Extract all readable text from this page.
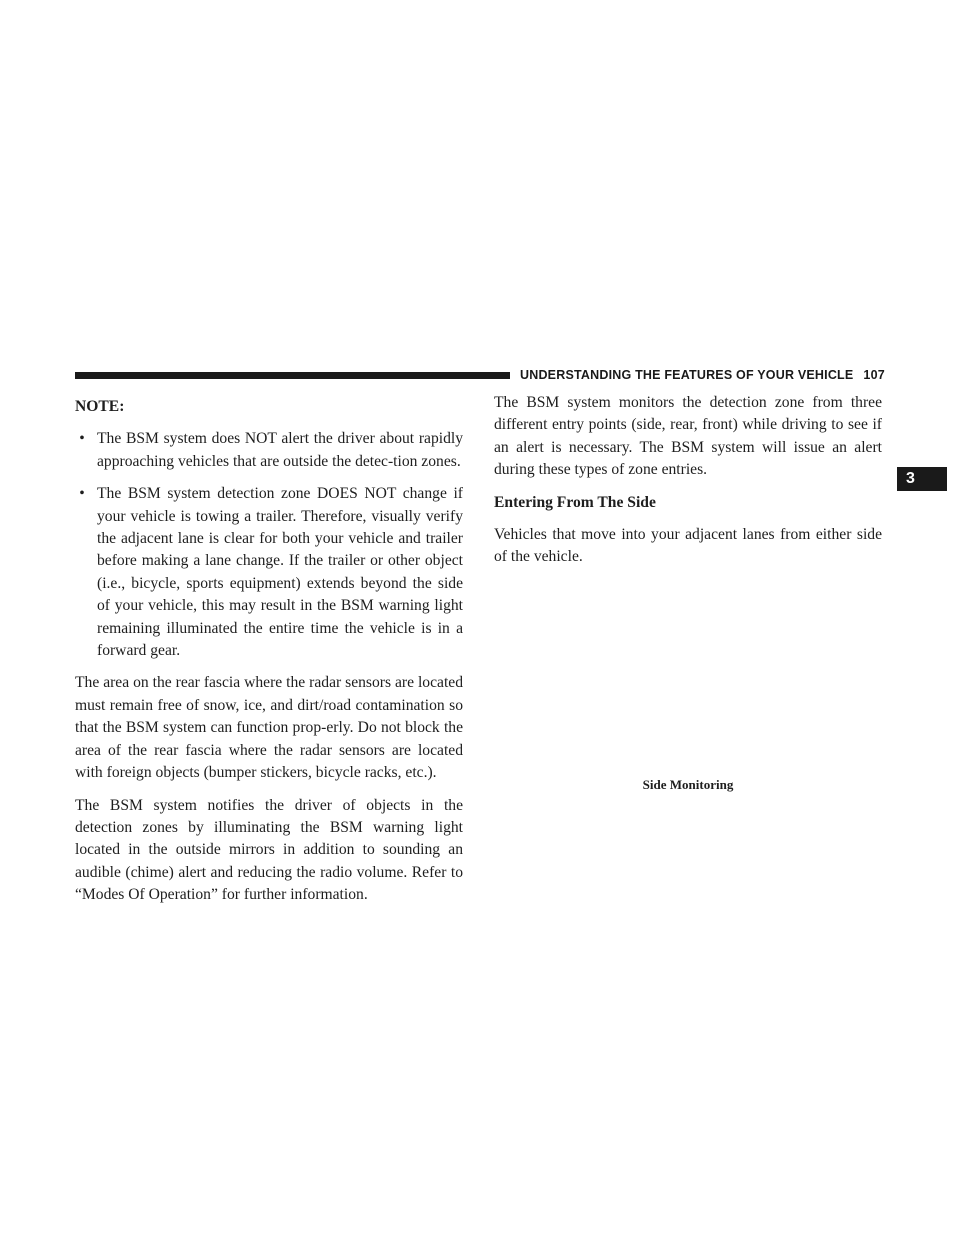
UNDERSTANDING THE FEATURES OF YOUR VEHICLE 107
3
NOTE:
• The BSM system does NOT alert the driver about rapidly approaching vehicles that are outside the detec-tion zones.
• The BSM system detection zone DOES NOT change if your vehicle is towing a trailer. Therefore, visually verify the adjacent lane is clear for both your vehicle and trailer before making a lane change. If the trailer or other object (i.e., bicycle, sports equipment) extends beyond the side of your vehicle, this may result in the BSM warning light remaining illuminated the entire time the vehicle is in a forward gear.

The area on the rear fascia where the radar sensors are located must remain free of snow, ice, and dirt/road contamination so that the BSM system can function prop-erly. Do not block the area of the rear fascia where the radar sensors are located with foreign objects (bumper stickers, bicycle racks, etc.).

The BSM system notifies the driver of objects in the detection zones by illuminating the BSM warning light located in the outside mirrors in addition to sounding an audible (chime) alert and reducing the radio volume. Refer to “Modes Of Operation” for further information.

The BSM system monitors the detection zone from three different entry points (side, rear, front) while driving to see if an alert is necessary. The BSM system will issue an alert during these types of zone entries.

Entering From The Side

Vehicles that move into your adjacent lanes from either side of the vehicle.

Side Monitoring
